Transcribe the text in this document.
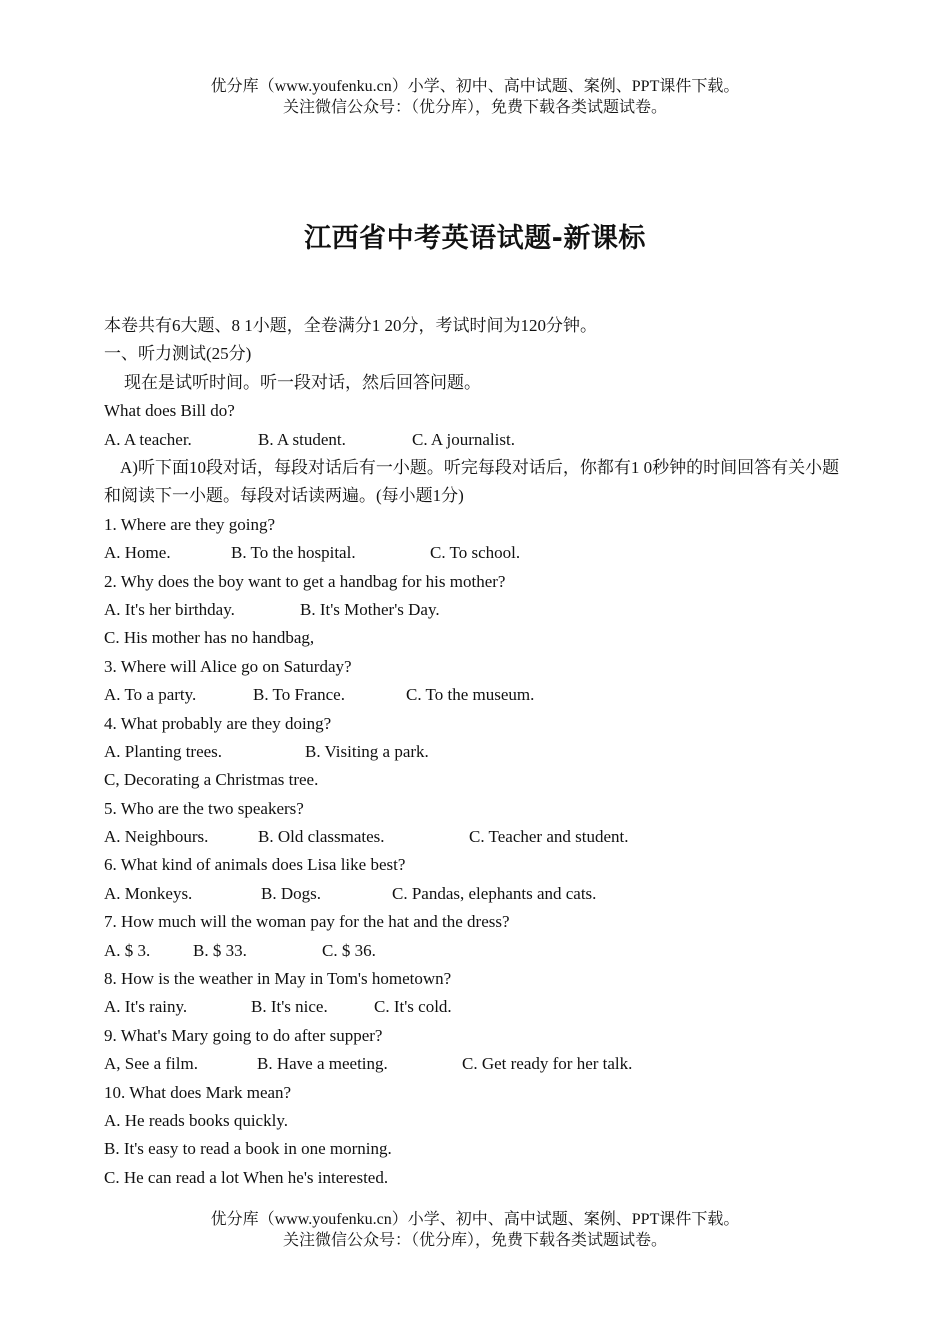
优分库（www.youfenku.cn）小学、初中、高中试题、案例、PPT课件下载。
关注微信公众号：（优分库），免费下载各类试题试卷。
江西省中考英语试题-新课标
本卷共有6大题、8 1小题，全卷满分1 20分，考试时间为120分钟。
一、听力测试(25分)
现在是试听时间。听一段对话，然后回答问题。
What does Bill do?
A. A teacher.	B. A student.	C. A journalist.
A)听下面10段对话，每段对话后有一小题。听完每段对话后，你都有1 0秒钟的时间回答有关小题和阅读下一小题。每段对话读两遍。(每小题1分)
1. Where are they going?
A. Home.	B. To the hospital.	C. To school.
2. Why does the boy want to get a handbag for his mother?
A. It's her birthday.	B. It's Mother's Day.
C. His mother has no handbag,
3. Where will Alice go on Saturday?
A. To a party.	B. To France.	C. To the museum.
4. What probably are they doing?
A. Planting trees.	B. Visiting a park.
C, Decorating a Christmas tree.
5. Who are the two speakers?
A. Neighbours.	B. Old classmates.	C. Teacher and student.
6. What kind of animals does Lisa like best?
A. Monkeys.	B. Dogs.	C. Pandas, elephants and cats.
7. How much will the woman pay for the hat and the dress?
A. $ 3.	B. $ 33.	C. $ 36.
8. How is the weather in May in Tom's hometown?
A. It's rainy.	B. It's nice.	C. It's cold.
9. What's Mary going to do after supper?
A, See a film.	B. Have a meeting.	C. Get ready for her talk.
10. What does Mark mean?
A. He reads books quickly.
B. It's easy to read a book in one morning.
C. He can read a lot When he's interested.
优分库（www.youfenku.cn）小学、初中、高中试题、案例、PPT课件下载。
关注微信公众号：（优分库），免费下载各类试题试卷。
